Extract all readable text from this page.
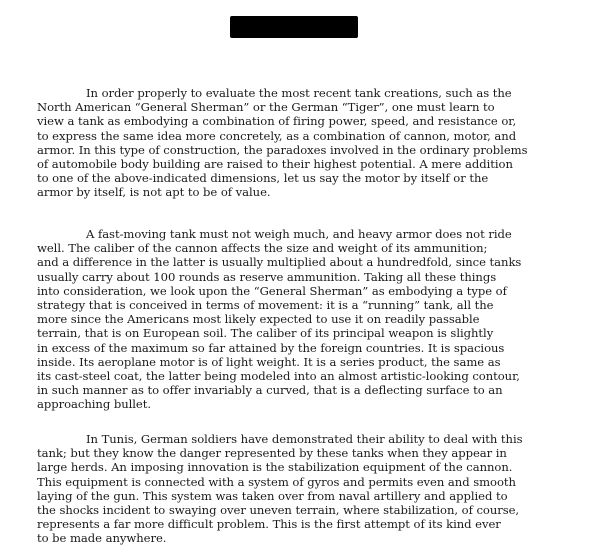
In order properly to evaluate the most recent tank creations, such as the
North American “General Sherman” or the German “Tiger”, one must learn to
view a tank as embodying a combination of firing power, speed, and resistance or,
to express the same idea more concretely, as a combination of cannon, motor, and
armor. In this type of construction, the paradoxes involved in the ordinary problems
of automobile body building are raised to their highest potential. A mere addition
to one of the above-indicated dimensions, let us say the motor by itself or the
armor by itself, is not apt to be of value.
A fast-moving tank must not weigh much, and heavy armor does not ride
well. The caliber of the cannon affects the size and weight of its ammunition;
and a difference in the latter is usually multiplied about a hundredfold, since tanks
usually carry about 100 rounds as reserve ammunition. Taking all these things
into consideration, we look upon the “General Sherman” as embodying a type of
strategy that is conceived in terms of movement: it is a “running” tank, all the
more since the Americans most likely expected to use it on readily passable
terrain, that is on European soil. The caliber of its principal weapon is slightly
in excess of the maximum so far attained by the foreign countries. It is spacious
inside. Its aeroplane motor is of light weight. It is a series product, the same as
its cast-steel coat, the latter being modeled into an almost artistic-looking contour,
in such manner as to offer invariably a curved, that is a deflecting surface to an
approaching bullet.
In Tunis, German soldiers have demonstrated their ability to deal with this
tank; but they know the danger represented by these tanks when they appear in
large herds. An imposing innovation is the stabilization equipment of the cannon.
This equipment is connected with a system of gyros and permits even and smooth
laying of the gun. This system was taken over from naval artillery and applied to
the shocks incident to swaying over uneven terrain, where stabilization, of course,
represents a far more difficult problem. This is the first attempt of its kind ever
to be made anywhere.
